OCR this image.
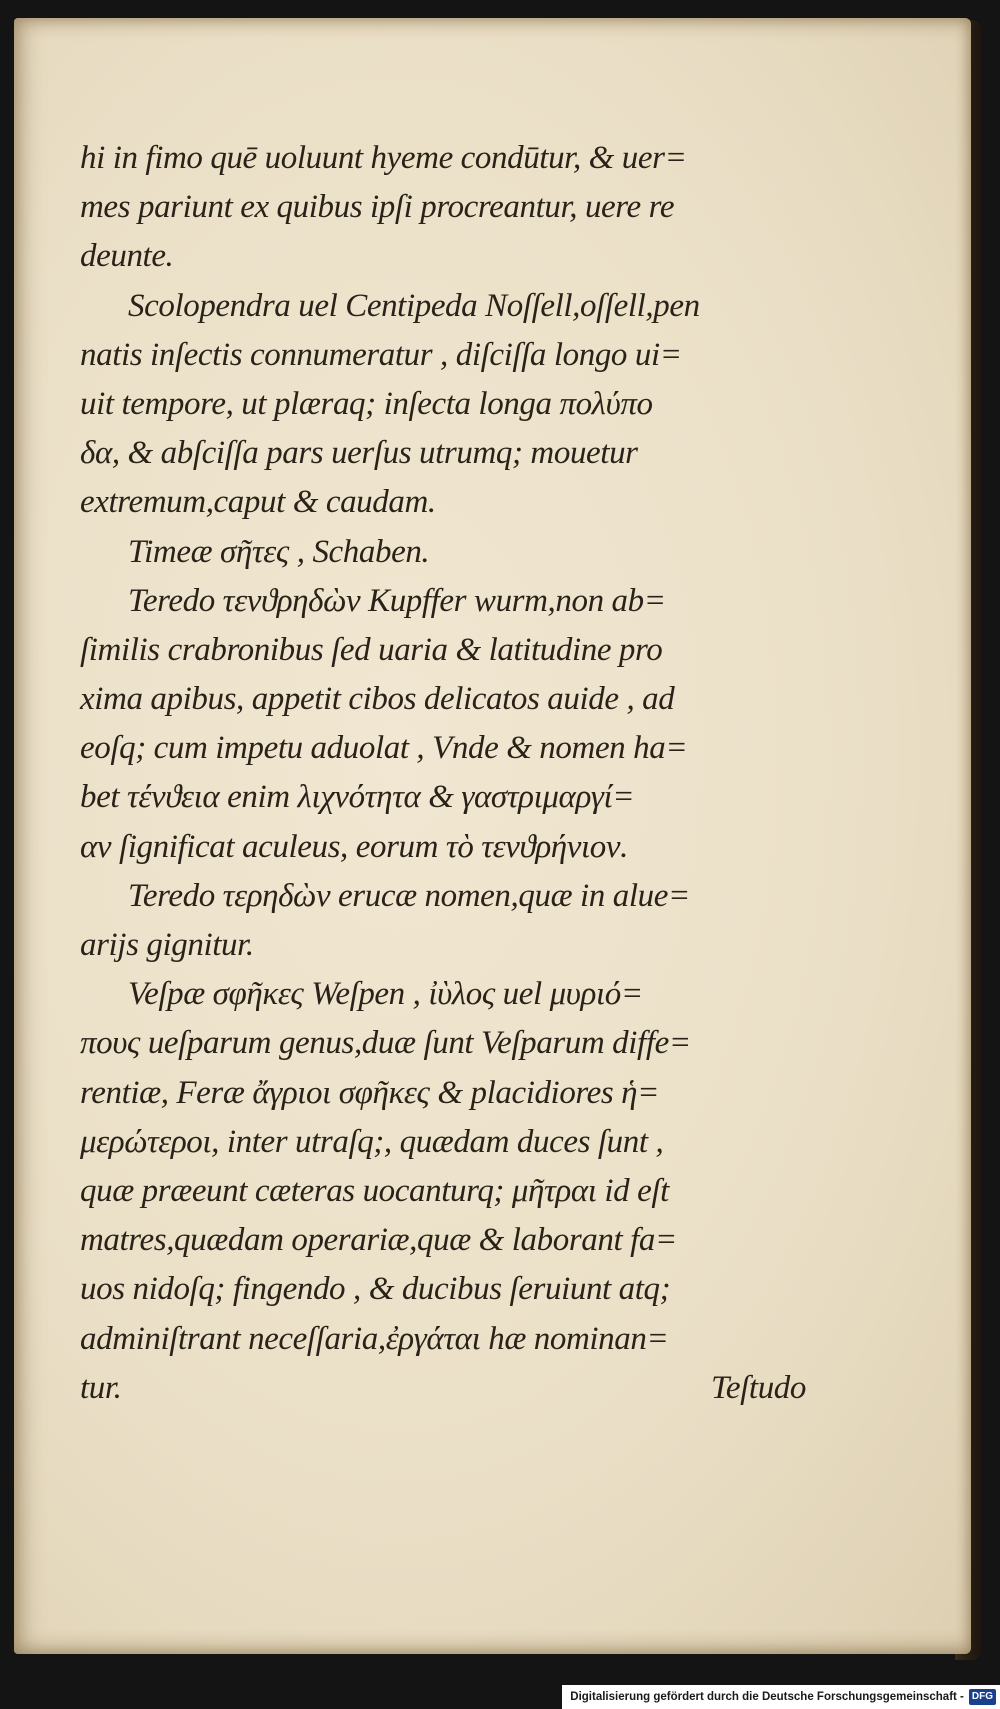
hi in fimo quē uoluunt hyeme condūtur, & uer=
mes pariunt ex quibus ipſi procreantur, uere re
deunte.
Scolopendra uel Centipeda Noſſell,oſſell,pen
natis inſectis connumeratur , diſciſſa longo ui=
uit tempore, ut plæraq; inſecta longa πολύπο
δα, & abſciſſa pars uerſus utrumq; mouetur
extremum,caput & caudam.
Timeæ σῆτες , Schaben.
Teredo τενϑρηδὼν Kupffer wurm,non ab=
ſimilis crabronibus ſed uaria & latitudine pro
xima apibus, appetit cibos delicatos auide , ad
eoſq; cum impetu aduolat , Vnde & nomen ha=
bet τένϑεια enim λιχνότητα & γαστριμαργί=
αν ſignificat aculeus, eorum τὸ τενϑρήνιον.
Teredo τερηδὼν erucæ nomen,quæ in alue=
arijs gignitur.
Veſpæ σφῆκες Weſpen , ἰὺλος uel μυριό=
πους ueſparum genus,duæ ſunt Veſparum diffe=
rentiæ, Feræ ἄγριοι σφῆκες & placidiores ἡ=
μερώτεροι, inter utraſq;, quædam duces ſunt ,
quæ præeunt cæteras uocanturq; μῆτραι id eſt
matres,quædam operariæ,quæ & laborant fa=
uos nidoſq; fingendo , & ducibus ſeruiunt atq;
adminiſtrant neceſſaria,ἐργάται hæ nominan=
tur.	Teſtudo
Digitalisierung gefördert durch die Deutsche Forschungsgemeinschaft - DFG
